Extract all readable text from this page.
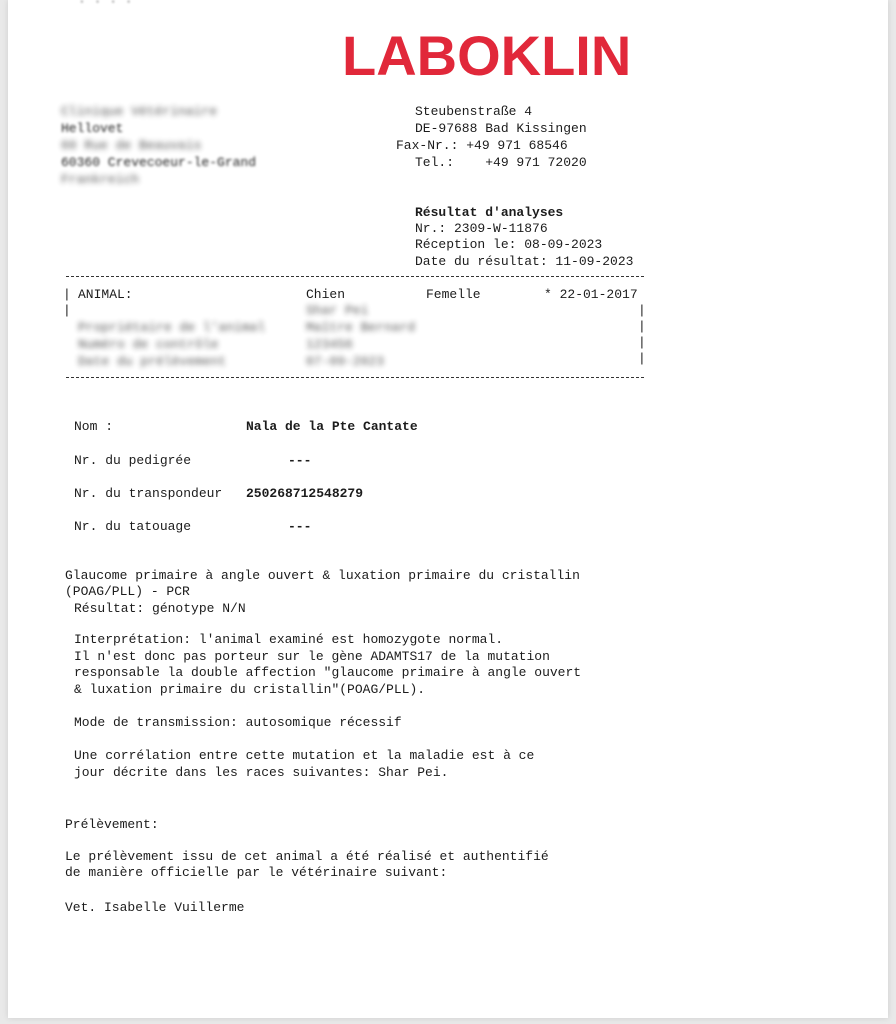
· · · ·
LABOKLIN
Clinique Vétérinaire
Hellovet
60 Rue de Beauvais
60360 Crevecoeur-le-Grand
Frankreich
Steubenstraße 4
DE-97688 Bad Kissingen
Fax-Nr.: +49 971 68546
Tel.:    +49 971 72020
Résultat d'analyses
Nr.: 2309-W-11876
Réception le: 08-09-2023
Date du résultat: 11-09-2023
|
|	|
|
|
|
ANIMAL:	Chien	Femelle	* 22-01-2017
Shar Pei
Propriétaire de l'animal	Maître Bernard
Numéro de contrôle	123456
Date du prélèvement	07-09-2023
Nom :	Nala de la Pte Cantate
Nr. du pedigrée	---
Nr. du transpondeur 250268712548279
Nr. du tatouage	---
Glaucome primaire à angle ouvert & luxation primaire du cristallin
(POAG/PLL) - PCR
Résultat: génotype N/N
Interprétation: l'animal examiné est homozygote normal.
Il n'est donc pas porteur sur le gène ADAMTS17 de la mutation
responsable la double affection "glaucome primaire à angle ouvert
& luxation primaire du cristallin"(POAG/PLL).
Mode de transmission: autosomique récessif
Une corrélation entre cette mutation et la maladie est à ce
jour décrite dans les races suivantes: Shar Pei.
Prélèvement:
Le prélèvement issu de cet animal a été réalisé et authentifié
de manière officielle par le vétérinaire suivant:
Vet. Isabelle Vuillerme
